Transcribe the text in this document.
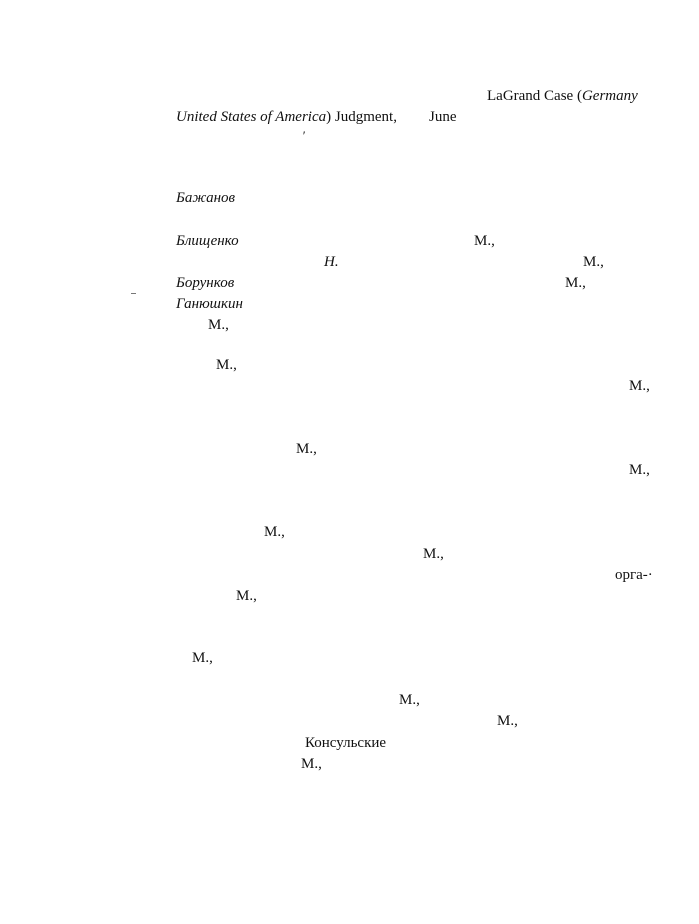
LaGrand Case (Germany
United States of America) Judgment, June
′
Бажанов
Блищенко	М.,
Н.	М.,
Борунков	М.,
Ганюшкин
М.,
М.,
М.,
М.,
М.,
М.,
М.,
орга-·
М.,
М.,
М.,
М.,
Консульские
М.,
